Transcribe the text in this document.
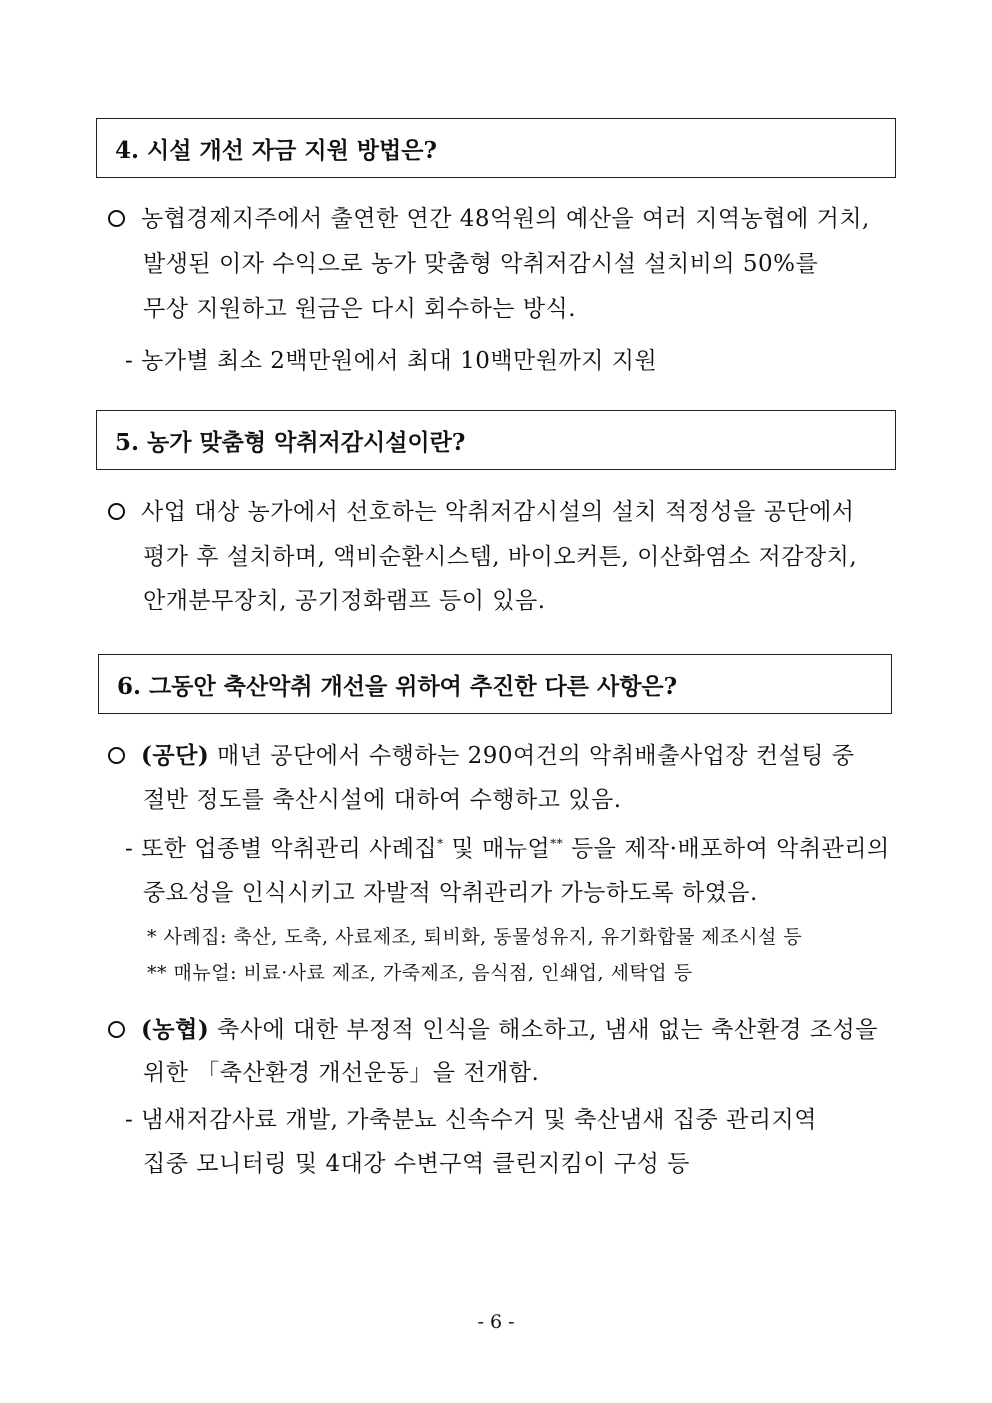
4. 시설 개선 자금 지원 방법은?
농협경제지주에서 출연한 연간 48억원의 예산을 여러 지역농협에 거치,
발생된 이자 수익으로 농가 맞춤형 악취저감시설 설치비의 50%를
무상 지원하고 원금은 다시 회수하는 방식.
- 농가별 최소 2백만원에서 최대 10백만원까지 지원
5. 농가 맞춤형 악취저감시설이란?
사업 대상 농가에서 선호하는 악취저감시설의 설치 적정성을 공단에서
평가 후 설치하며, 액비순환시스템, 바이오커튼, 이산화염소 저감장치,
안개분무장치, 공기정화램프 등이 있음.
6. 그동안 축산악취 개선을 위하여 추진한 다른 사항은?
(공단) 매년 공단에서 수행하는 290여건의 악취배출사업장 컨설팅 중
절반 정도를 축산시설에 대하여 수행하고 있음.
- 또한 업종별 악취관리 사례집* 및 매뉴얼** 등을 제작·배포하여 악취관리의
중요성을 인식시키고 자발적 악취관리가 가능하도록 하였음.
* 사례집: 축산, 도축, 사료제조, 퇴비화, 동물성유지, 유기화합물 제조시설 등
** 매뉴얼: 비료·사료 제조, 가죽제조, 음식점, 인쇄업, 세탁업 등
(농협) 축사에 대한 부정적 인식을 해소하고, 냄새 없는 축산환경 조성을
위한 「축산환경 개선운동」을 전개함.
- 냄새저감사료 개발, 가축분뇨 신속수거 및 축산냄새 집중 관리지역
집중 모니터링 및 4대강 수변구역 클린지킴이 구성 등
- 6 -
